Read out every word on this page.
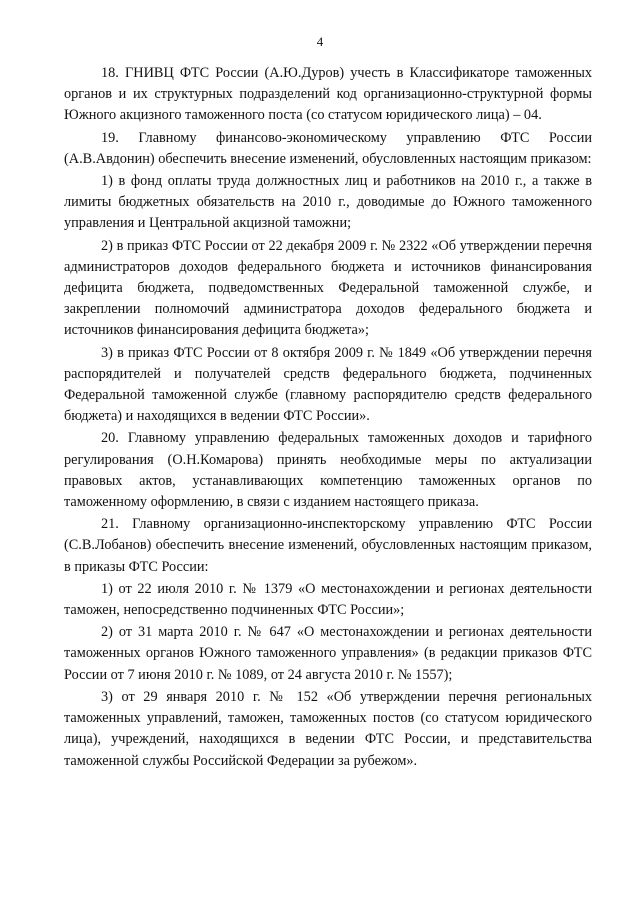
4

18. ГНИВЦ ФТС России (А.Ю.Дуров) учесть в Классификаторе таможенных органов и их структурных подразделений код организационно-структурной формы Южного акцизного таможенного поста (со статусом юридического лица) – 04.

19. Главному финансово-экономическому управлению ФТС России (А.В.Авдонин) обеспечить внесение изменений, обусловленных настоящим приказом:

1) в фонд оплаты труда должностных лиц и работников на 2010 г., а также в лимиты бюджетных обязательств на 2010 г., доводимые до Южного таможенного управления и Центральной акцизной таможни;

2) в приказ ФТС России от 22 декабря 2009 г. № 2322 «Об утверждении перечня администраторов доходов федерального бюджета и источников финансирования дефицита бюджета, подведомственных Федеральной таможенной службе, и закреплении полномочий администратора доходов федерального бюджета и источников финансирования дефицита бюджета»;

3) в приказ ФТС России от 8 октября 2009 г. № 1849 «Об утверждении перечня распорядителей и получателей средств федерального бюджета, подчиненных Федеральной таможенной службе (главному распорядителю средств федерального бюджета) и находящихся в ведении ФТС России».

20. Главному управлению федеральных таможенных доходов и тарифного регулирования (О.Н.Комарова) принять необходимые меры по актуализации правовых актов, устанавливающих компетенцию таможенных органов по таможенному оформлению, в связи с изданием настоящего приказа.

21. Главному организационно-инспекторскому управлению ФТС России (С.В.Лобанов) обеспечить внесение изменений, обусловленных настоящим приказом, в приказы ФТС России:

1) от 22 июля 2010 г. № 1379 «О местонахождении и регионах деятельности таможен, непосредственно подчиненных ФТС России»;

2) от 31 марта 2010 г. № 647 «О местонахождении и регионах деятельности таможенных органов Южного таможенного управления» (в редакции приказов ФТС России от 7 июня 2010 г. № 1089, от 24 августа 2010 г. № 1557);

3) от 29 января 2010 г. № 152 «Об утверждении перечня региональных таможенных управлений, таможен, таможенных постов (со статусом юридического лица), учреждений, находящихся в ведении ФТС России, и представительства таможенной службы Российской Федерации за рубежом».
